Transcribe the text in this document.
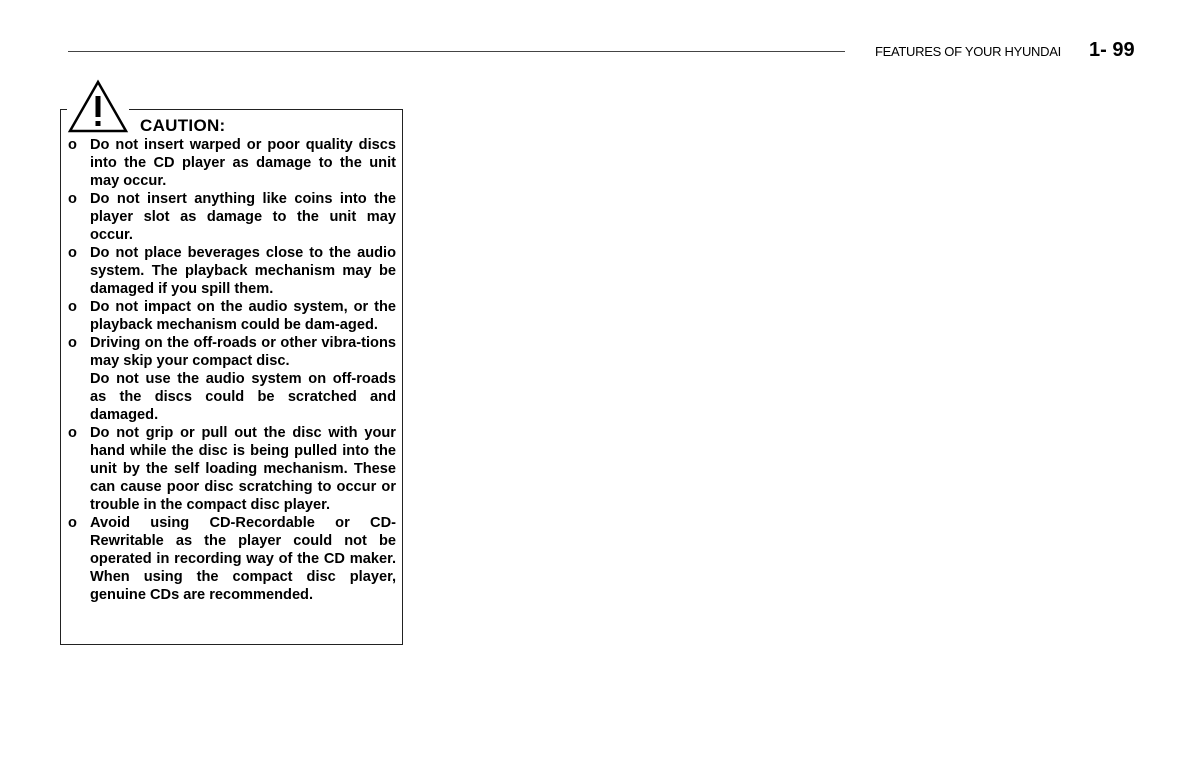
FEATURES OF YOUR HYUNDAI 1- 99
CAUTION:
o Do not insert warped or poor quality discs into the CD player as damage to the unit may occur.
o Do not insert anything like coins into the player slot as damage to the unit may occur.
o Do not place beverages close to the audio system. The playback mechanism may be damaged if you spill them.
o Do not impact on the audio system, or the playback mechanism could be dam-aged.
o Driving on the off-roads or other vibra-tions may skip your compact disc.
Do not use the audio system on off-roads as the discs could be scratched and damaged.
o Do not grip or pull out the disc with your hand while the disc is being pulled into the unit by the self loading mechanism. These can cause poor disc scratching to occur or trouble in the compact disc player.
o Avoid using CD-Recordable or CD-Rewritable as the player could not be operated in recording way of the CD maker. When using the compact disc player, genuine CDs are recommended.
